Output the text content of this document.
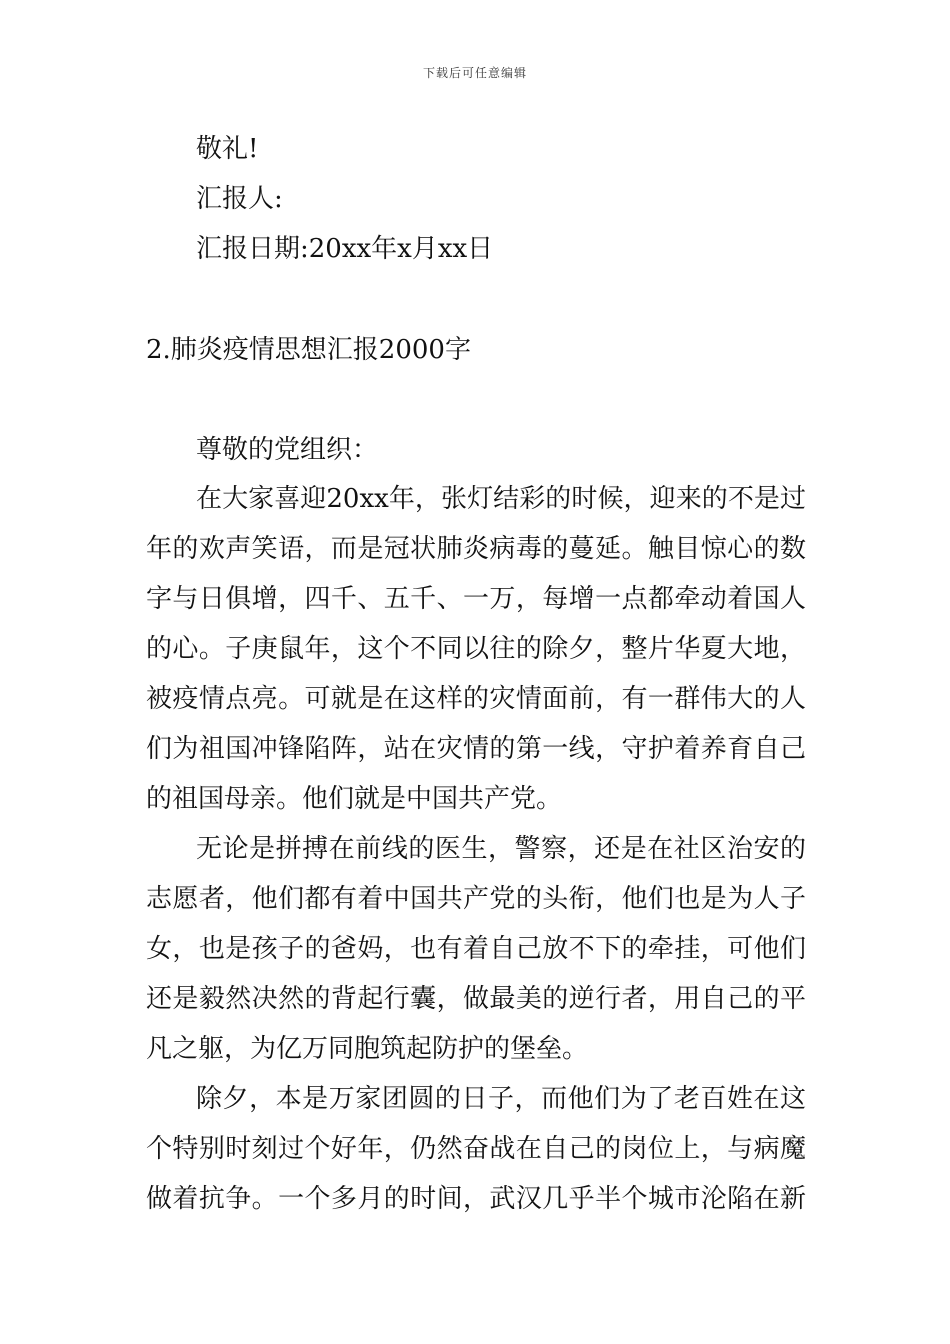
下载后可任意编辑
敬礼!
汇报人:
汇报日期:20xx年x月xx日
2.肺炎疫情思想汇报2000字
尊敬的党组织：
在大家喜迎20xx年，张灯结彩的时候，迎来的不是过
年的欢声笑语，而是冠状肺炎病毒的蔓延。触目惊心的数
字与日俱增，四千、五千、一万，每增一点都牵动着国人
的心。子庚鼠年，这个不同以往的除夕，整片华夏大地，
被疫情点亮。可就是在这样的灾情面前，有一群伟大的人
们为祖国冲锋陷阵，站在灾情的第一线，守护着养育自己
的祖国母亲。他们就是中国共产党。
无论是拼搏在前线的医生，警察，还是在社区治安的
志愿者，他们都有着中国共产党的头衔，他们也是为人子
女，也是孩子的爸妈，也有着自己放不下的牵挂，可他们
还是毅然决然的背起行囊，做最美的逆行者，用自己的平
凡之躯，为亿万同胞筑起防护的堡垒。
除夕，本是万家团圆的日子，而他们为了老百姓在这
个特别时刻过个好年，仍然奋战在自己的岗位上，与病魔
做着抗争。一个多月的时间，武汉几乎半个城市沦陷在新
